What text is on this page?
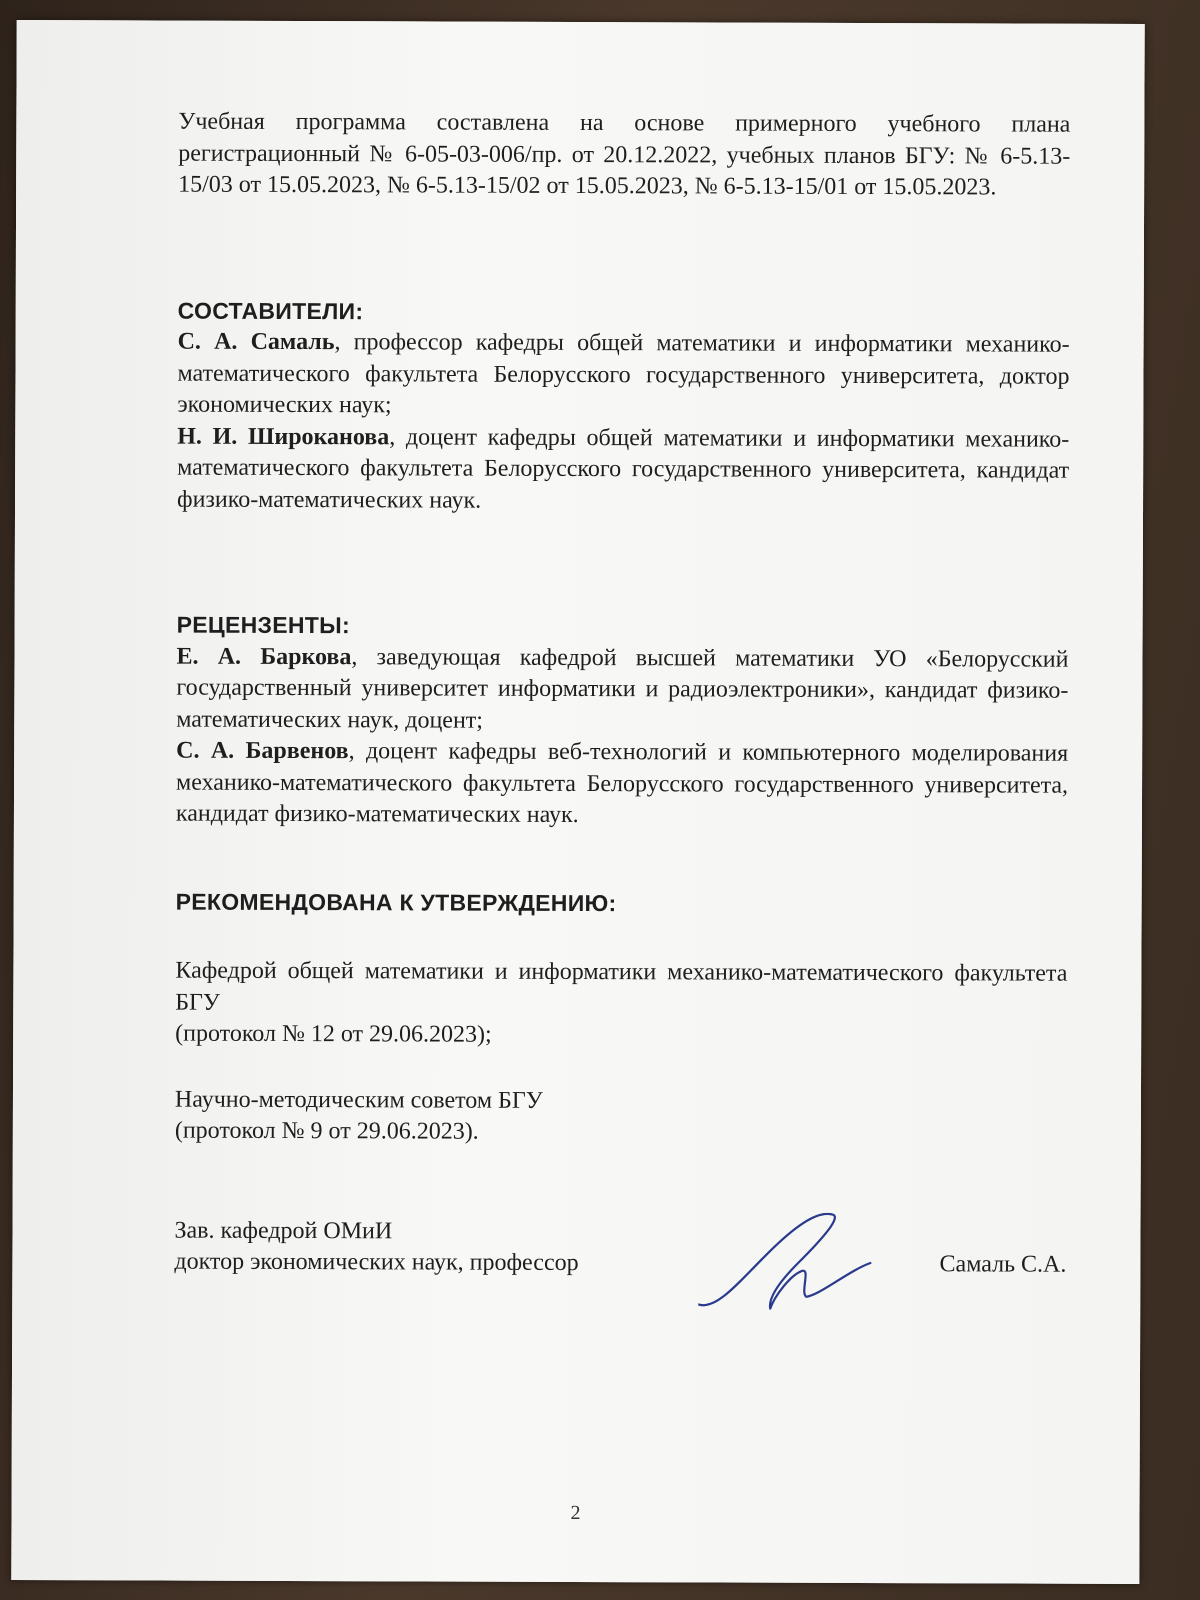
Учебная программа составлена на основе примерного учебного плана регистрационный № 6-05-03-006/пр. от 20.12.2022, учебных планов БГУ: № 6-5.13-15/03 от 15.05.2023, № 6-5.13-15/02 от 15.05.2023, № 6-5.13-15/01 от 15.05.2023.

СОСТАВИТЕЛИ:

С. А. Самаль, профессор кафедры общей математики и информатики механико-математического факультета Белорусского государственного университета, доктор экономических наук;

Н. И. Широканова, доцент кафедры общей математики и информатики механико-математического факультета Белорусского государственного университета, кандидат физико-математических наук.

РЕЦЕНЗЕНТЫ:

Е. А. Баркова, заведующая кафедрой высшей математики УО «Белорусский государственный университет информатики и радиоэлектроники», кандидат физико-математических наук, доцент;

С. А. Барвенов, доцент кафедры веб-технологий и компьютерного моделирования механико-математического факультета Белорусского государственного университета, кандидат физико-математических наук.

РЕКОМЕНДОВАНА К УТВЕРЖДЕНИЮ:

Кафедрой общей математики и информатики механико-математического факультета БГУ

(протокол № 12 от 29.06.2023);

Научно-методическим советом БГУ

(протокол № 9 от 29.06.2023).

Зав. кафедрой ОМиИ

доктор экономических наук, профессор	Самаль С.А.
2
